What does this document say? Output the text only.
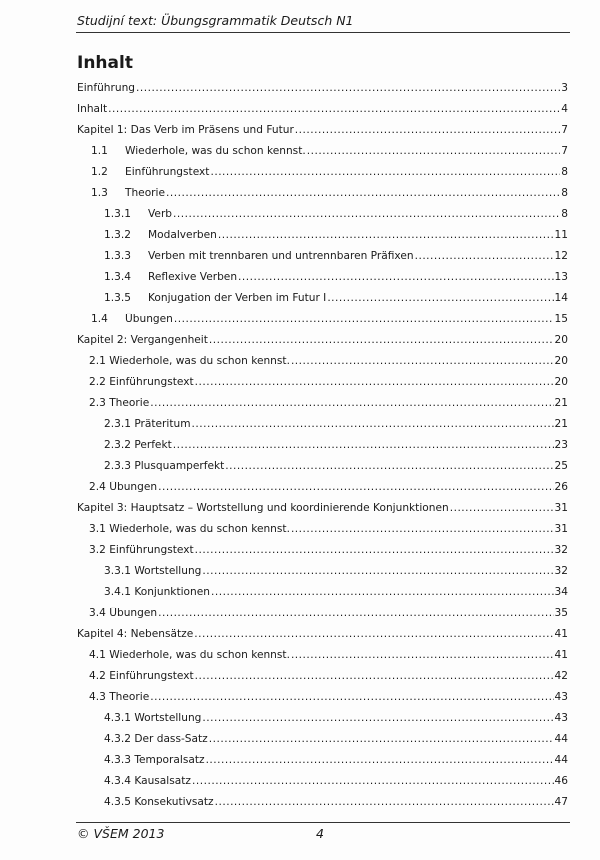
Studijní text: Übungsgrammatik Deutsch N1
Inhalt
Einführung .....	3
Inhalt .....	4
Kapitel 1: Das Verb im Präsens und Futur .....	7
1.1	Wiederhole, was du schon kennst. .....	7
1.2	Einführungstext .....	8
1.3	Theorie .....	8
1.3.1	Verb .....	8
1.3.2	Modalverben .....	11
1.3.3	Verben mit trennbaren und untrennbaren Präfixen .....	12
1.3.4	Reflexive Verben .....	13
1.3.5	Konjugation der Verben im Futur I .....	14
1.4	Übungen .....	15
Kapitel 2: Vergangenheit .....	20
2.1 Wiederhole, was du schon kennst. .....	20
2.2 Einführungstext .....	20
2.3 Theorie .....	21
2.3.1 Präteritum .....	21
2.3.2 Perfekt .....	23
2.3.3 Plusquamperfekt .....	25
2.4 Übungen .....	26
Kapitel 3: Hauptsatz – Wortstellung und koordinierende Konjunktionen .....	31
3.1 Wiederhole, was du schon kennst. .....	31
3.2 Einführungstext .....	32
3.3.1 Wortstellung .....	32
3.4.1 Konjunktionen .....	34
3.4 Übungen .....	35
Kapitel 4: Nebensätze .....	41
4.1 Wiederhole, was du schon kennst. .....	41
4.2 Einführungstext .....	42
4.3 Theorie .....	43
4.3.1 Wortstellung .....	43
4.3.2 Der dass-Satz .....	44
4.3.3 Temporalsatz .....	44
4.3.4 Kausalsatz .....	46
4.3.5 Konsekutivsatz .....	47
© VŠEM 2013	4
